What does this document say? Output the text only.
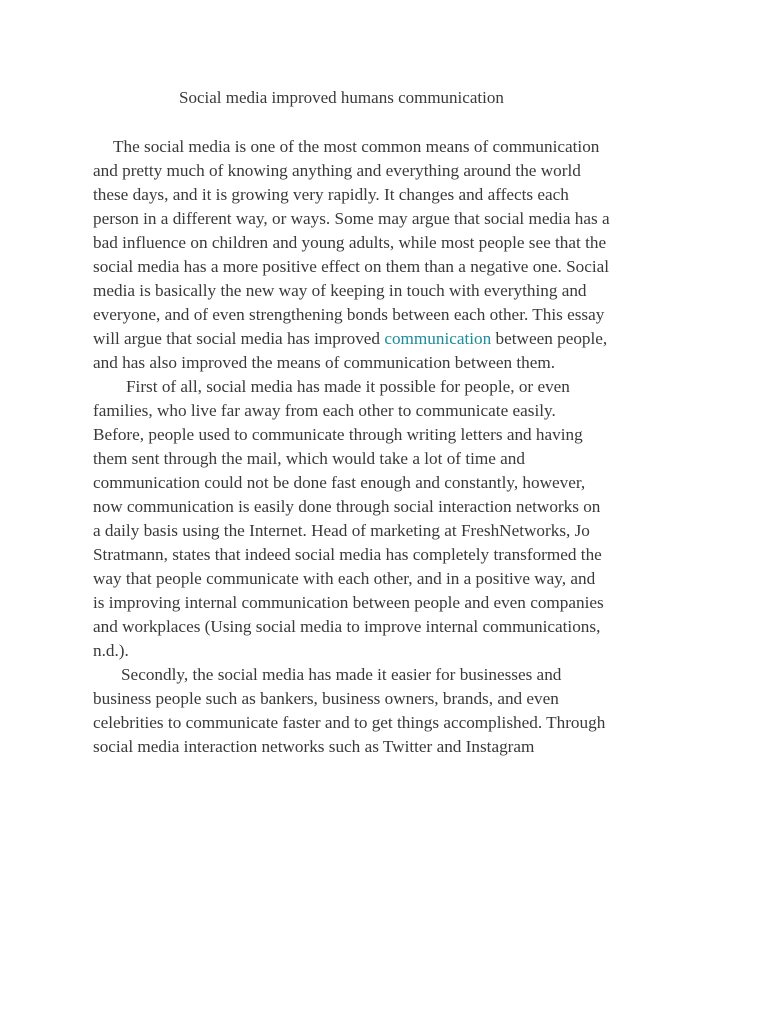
Social media improved humans communication
The social media is one of the most common means of communication
and pretty much of knowing anything and everything around the world
these days, and it is growing very rapidly. It changes and affects each
person in a different way, or ways. Some may argue that social media has a
bad influence on children and young adults, while most people see that the
social media has a more positive effect on them than a negative one. Social
media is basically the new way of keeping in touch with everything and
everyone, and of even strengthening bonds between each other. This essay
will argue that social media has improved communication between people,
and has also improved the means of communication between them.
First of all, social media has made it possible for people, or even
families, who live far away from each other to communicate easily.
Before, people used to communicate through writing letters and having
them sent through the mail, which would take a lot of time and
communication could not be done fast enough and constantly, however,
now communication is easily done through social interaction networks on
a daily basis using the Internet. Head of marketing at FreshNetworks, Jo
Stratmann, states that indeed social media has completely transformed the
way that people communicate with each other, and in a positive way, and
is improving internal communication between people and even companies
and workplaces (Using social media to improve internal communications,
n.d.).
Secondly, the social media has made it easier for businesses and
business people such as bankers, business owners, brands, and even
celebrities to communicate faster and to get things accomplished. Through
social media interaction networks such as Twitter and Instagram
